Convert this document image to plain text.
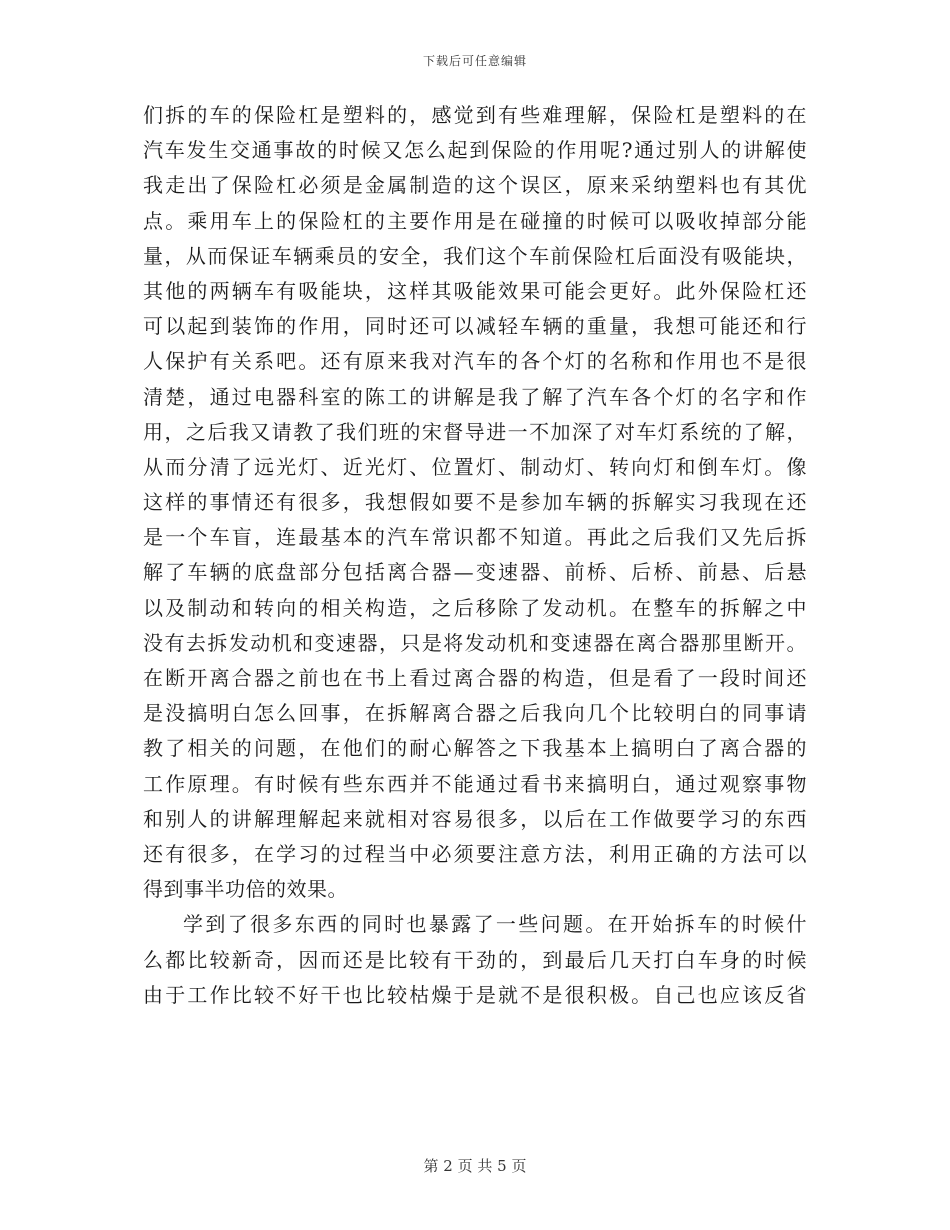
下载后可任意编辑
们拆的车的保险杠是塑料的，感觉到有些难理解，保险杠是塑料的在
汽车发生交通事故的时候又怎么起到保险的作用呢?通过别人的讲解使
我走出了保险杠必须是金属制造的这个误区，原来采纳塑料也有其优
点。乘用车上的保险杠的主要作用是在碰撞的时候可以吸收掉部分能
量，从而保证车辆乘员的安全，我们这个车前保险杠后面没有吸能块，
其他的两辆车有吸能块，这样其吸能效果可能会更好。此外保险杠还
可以起到装饰的作用，同时还可以减轻车辆的重量，我想可能还和行
人保护有关系吧。还有原来我对汽车的各个灯的名称和作用也不是很
清楚，通过电器科室的陈工的讲解是我了解了汽车各个灯的名字和作
用，之后我又请教了我们班的宋督导进一不加深了对车灯系统的了解，
从而分清了远光灯、近光灯、位置灯、制动灯、转向灯和倒车灯。像
这样的事情还有很多，我想假如要不是参加车辆的拆解实习我现在还
是一个车盲，连最基本的汽车常识都不知道。再此之后我们又先后拆
解了车辆的底盘部分包括离合器—变速器、前桥、后桥、前悬、后悬
以及制动和转向的相关构造，之后移除了发动机。在整车的拆解之中
没有去拆发动机和变速器，只是将发动机和变速器在离合器那里断开。
在断开离合器之前也在书上看过离合器的构造，但是看了一段时间还
是没搞明白怎么回事，在拆解离合器之后我向几个比较明白的同事请
教了相关的问题，在他们的耐心解答之下我基本上搞明白了离合器的
工作原理。有时候有些东西并不能通过看书来搞明白，通过观察事物
和别人的讲解理解起来就相对容易很多，以后在工作做要学习的东西
还有很多，在学习的过程当中必须要注意方法，利用正确的方法可以
得到事半功倍的效果。
学到了很多东西的同时也暴露了一些问题。在开始拆车的时候什
么都比较新奇，因而还是比较有干劲的，到最后几天打白车身的时候
由于工作比较不好干也比较枯燥于是就不是很积极。自己也应该反省
第 2 页 共 5 页
